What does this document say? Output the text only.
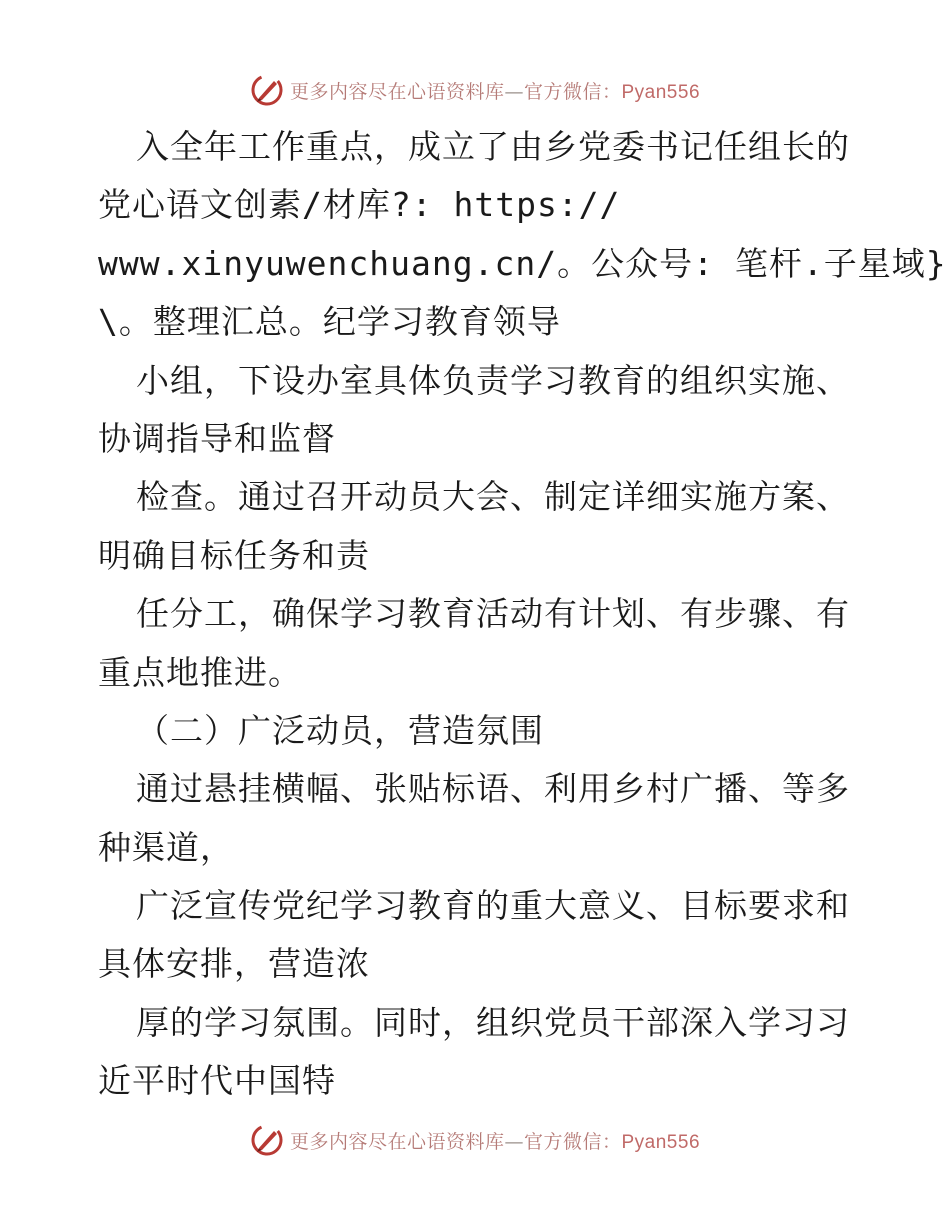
更多内容尽在心语资料库—官方微信：Pyan556
入全年工作重点，成立了由乡党委书记任组长的
党心语文创素/材库?: https://
www.xinyuwenchuang.cn/。公众号: 笔杆.子星域}
\。整理汇总。纪学习教育领导
小组，下设办室具体负责学习教育的组织实施、
协调指导和监督
检查。通过召开动员大会、制定详细实施方案、
明确目标任务和责
任分工，确保学习教育活动有计划、有步骤、有
重点地推进。
（二）广泛动员，营造氛围
通过悬挂横幅、张贴标语、利用乡村广播、等多
种渠道，
广泛宣传党纪学习教育的重大意义、目标要求和
具体安排，营造浓
厚的学习氛围。同时，组织党员干部深入学习习
近平时代中国特
更多内容尽在心语资料库—官方微信：Pyan556
